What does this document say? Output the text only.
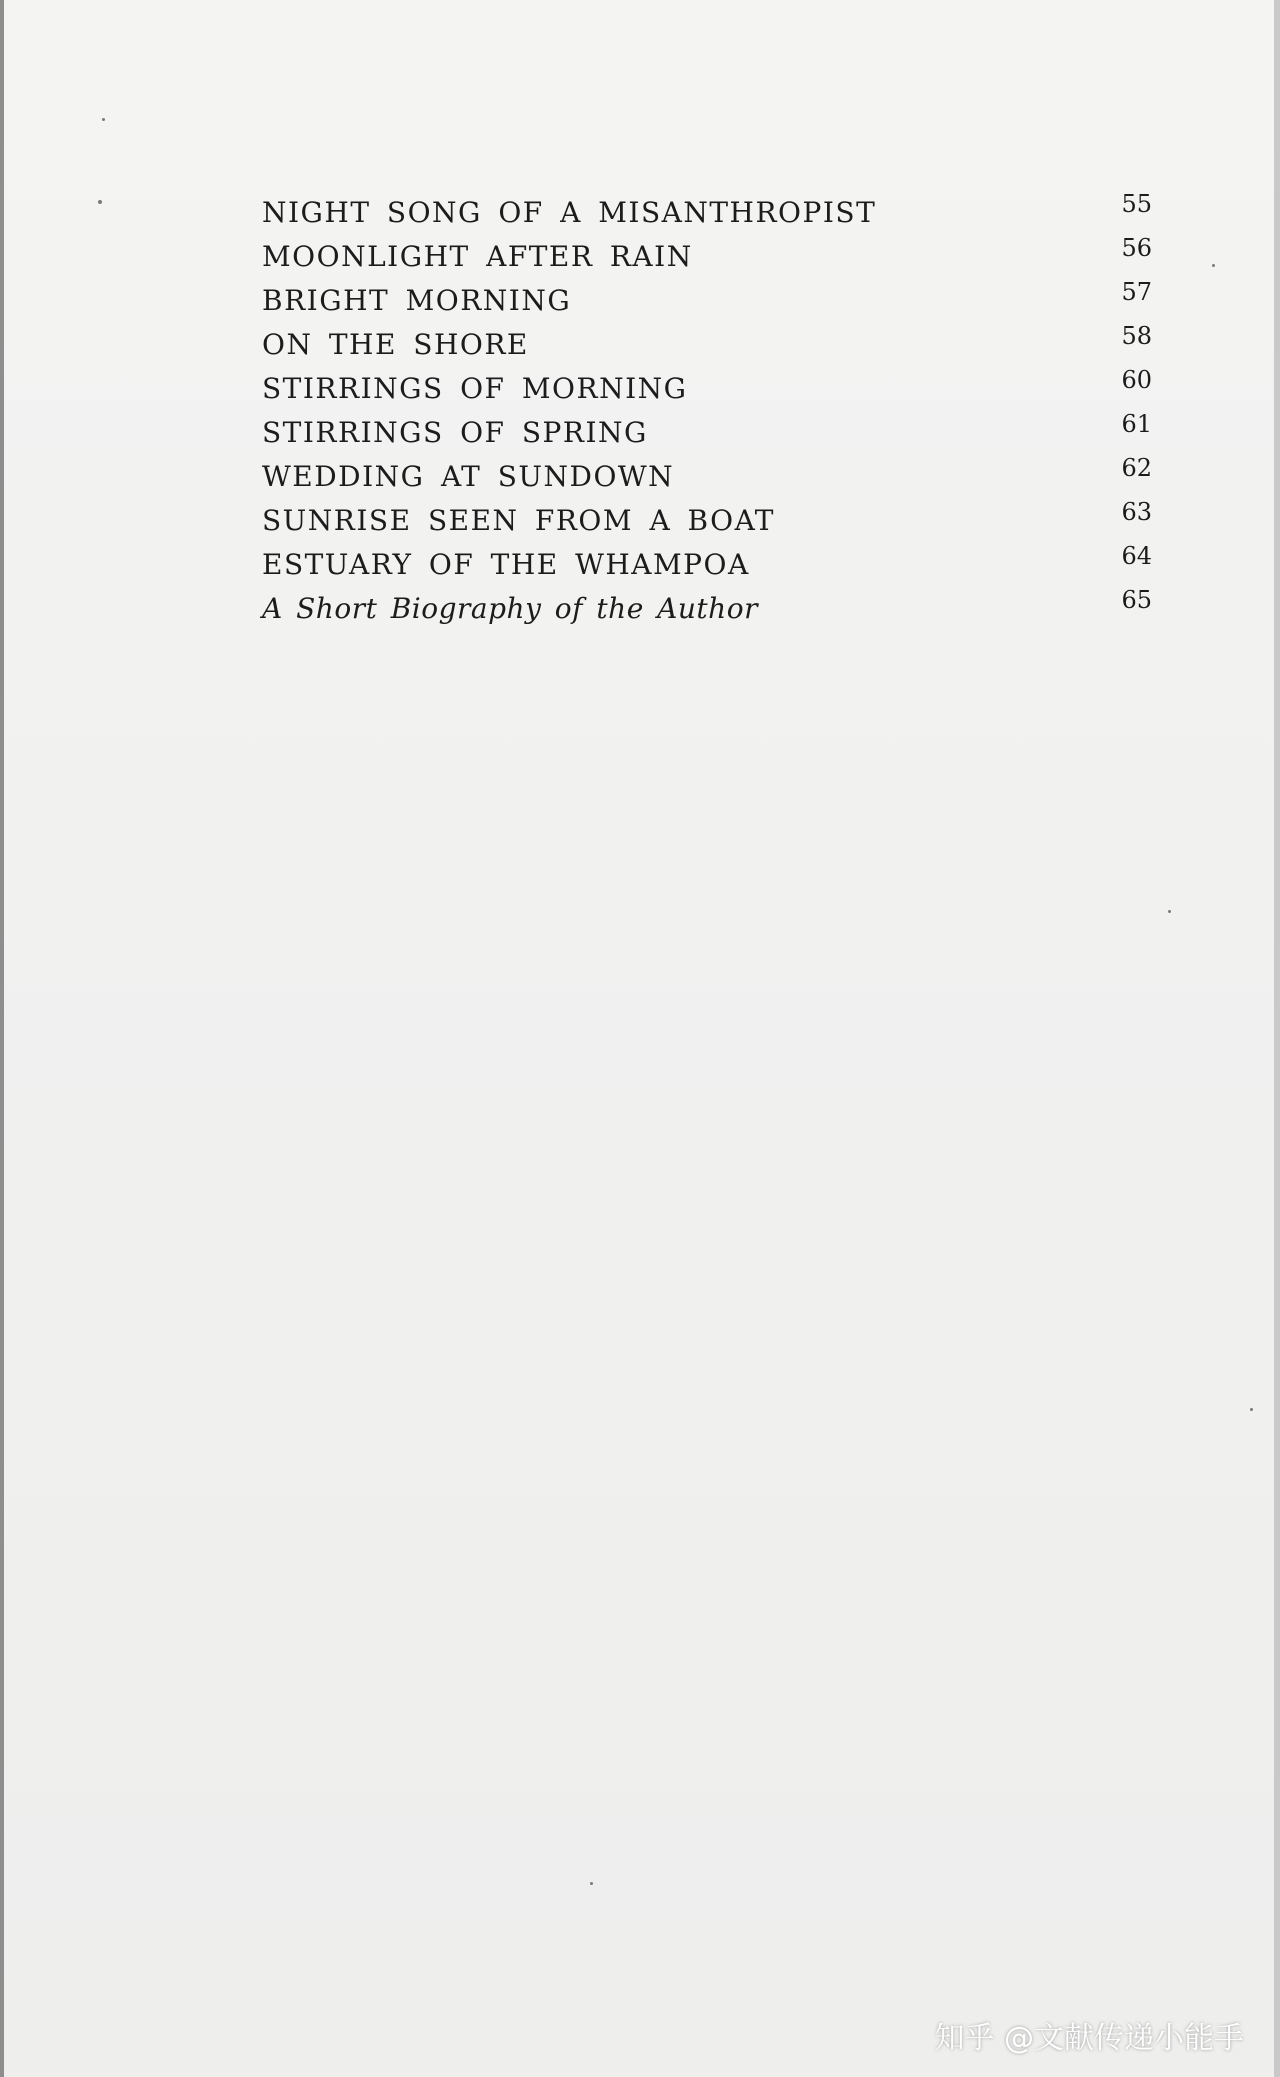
NIGHT SONG OF A MISANTHROPIST	55
MOONLIGHT AFTER RAIN	56
BRIGHT MORNING	57
ON THE SHORE	58
STIRRINGS OF MORNING	60
STIRRINGS OF SPRING	61
WEDDING AT SUNDOWN	62
SUNRISE SEEN FROM A BOAT	63
ESTUARY OF THE WHAMPOA	64
A Short Biography of the Author	65
知乎 @文献传递小能手
